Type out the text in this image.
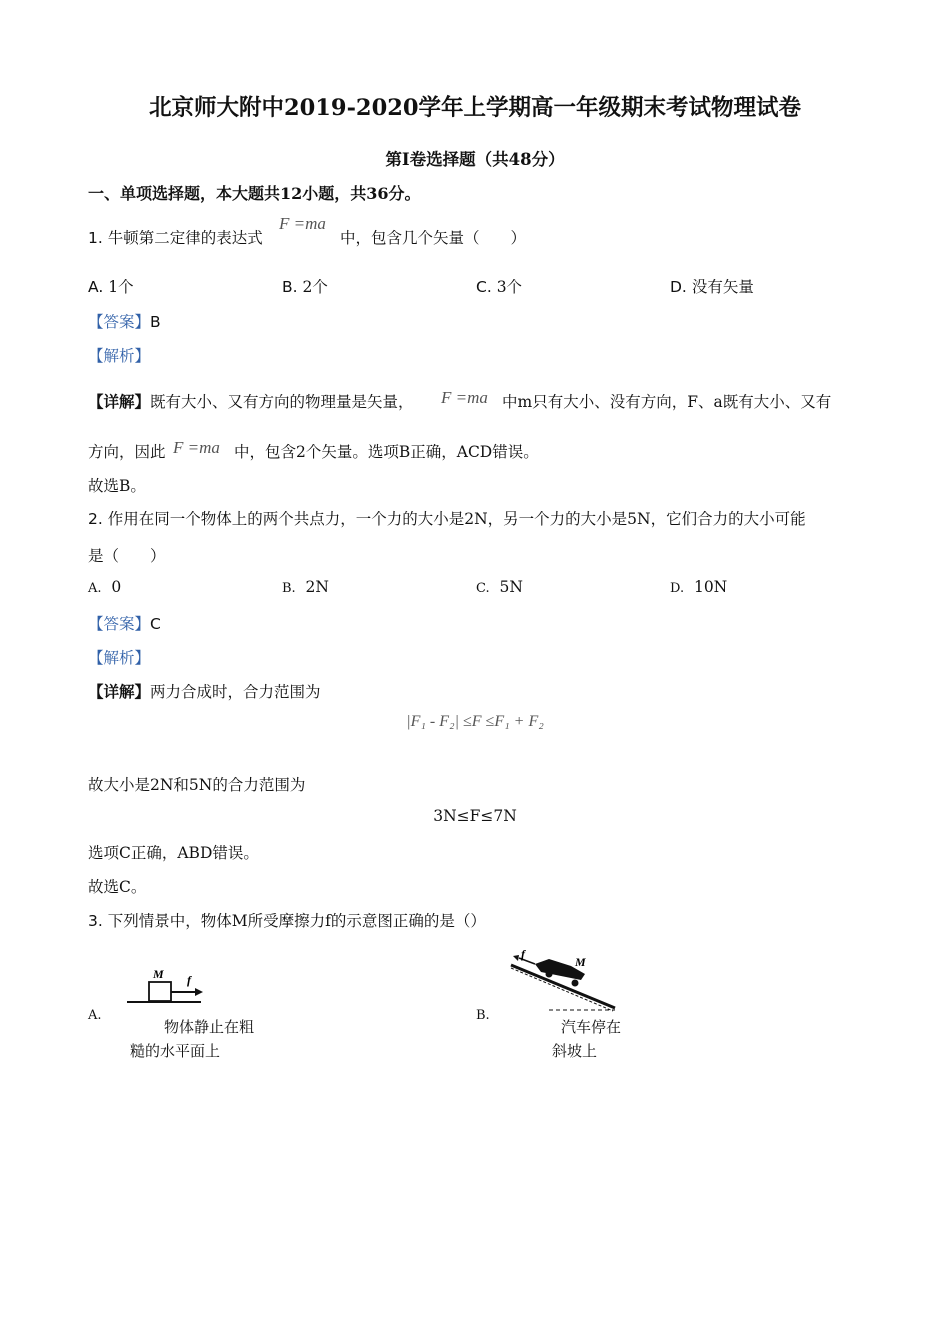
北京师大附中2019-2020学年上学期高一年级期末考试物理试卷
第I卷选择题（共48分）
一、单项选择题，本大题共12小题，共36分。
1. 牛顿第二定律的表达式
F =ma
中，包含几个矢量（　　）
A. 1个	B. 2个	C. 3个	D. 没有矢量
【答案】B
【解析】
【详解】既有大小、又有方向的物理量是矢量， F =ma 中m只有大小、没有方向，F、a既有大小、又有
方向，因此 F =ma 中，包含2个矢量。选项B正确，ACD错误。
故选B。
2. 作用在同一个物体上的两个共点力，一个力的大小是2N，另一个力的大小是5N，它们合力的大小可能
是（　　）
A. 0	B. 2N	C. 5N	D. 10N
【答案】C
【解析】
【详解】两力合成时，合力范围为
|F₁ - F₂| ≤F ≤F₁ + F₂
故大小是2N和5N的合力范围为
3N≤F≤7N
选项C正确，ABD错误。
故选C。
3. 下列情景中，物体M所受摩擦力f的示意图正确的是（）
A.
M f
物体静止在粗
糙的水平面上
B.
f
M
汽车停在
斜坡上
